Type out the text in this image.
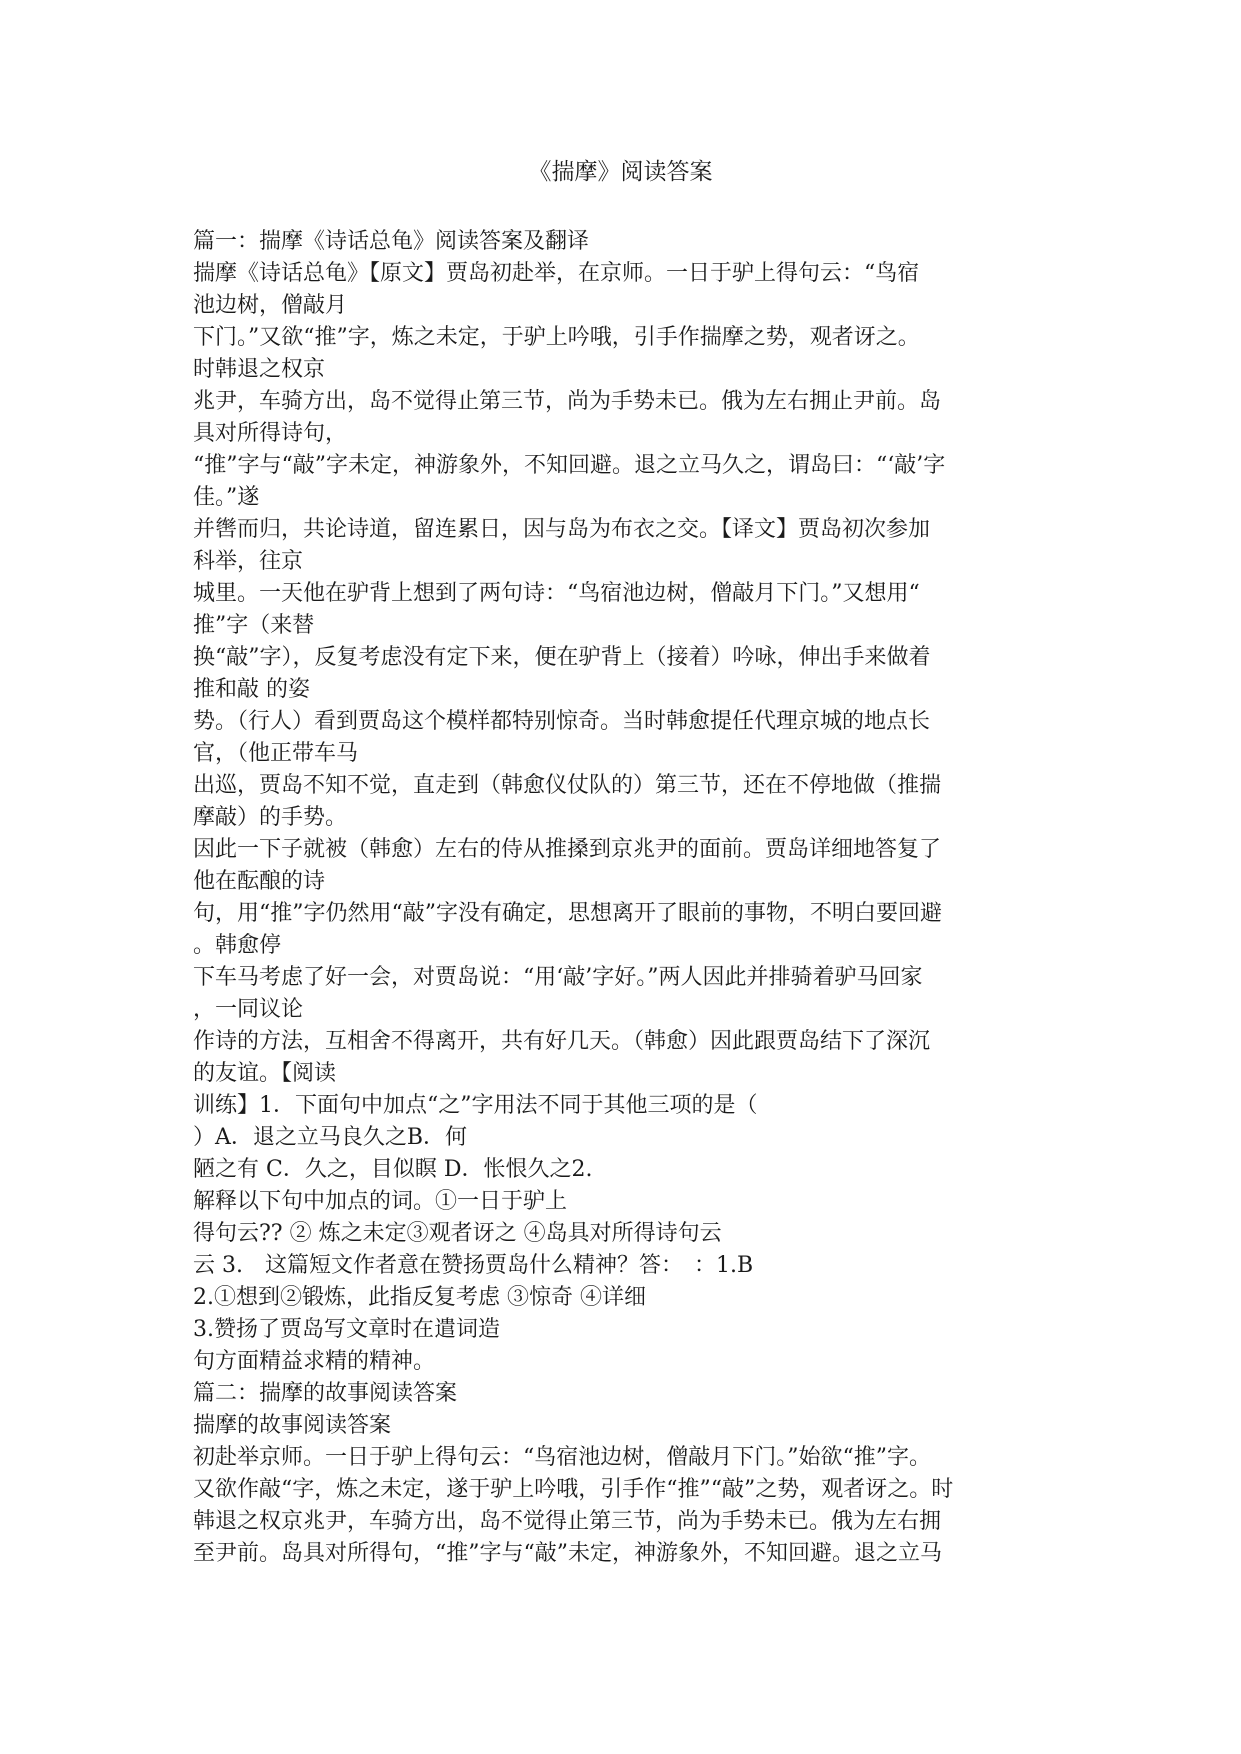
《揣摩》阅读答案
篇一：揣摩《诗话总龟》阅读答案及翻译
揣摩《诗话总龟》【原文】贾岛初赴举，在京师。一日于驴上得句云：“鸟宿
池边树，僧敲月
下门。”又欲“推”字，炼之未定，于驴上吟哦，引手作揣摩之势，观者讶之。
时韩退之权京
兆尹，车骑方出，岛不觉得止第三节，尚为手势未已。俄为左右拥止尹前。岛
具对所得诗句，
“推”字与“敲”字未定，神游象外，不知回避。退之立马久之，谓岛曰：“‘敲’字
佳。”遂
并辔而归，共论诗道，留连累日，因与岛为布衣之交。【译文】贾岛初次参加
科举，往京
城里。一天他在驴背上想到了两句诗：“鸟宿池边树，僧敲月下门。”又想用“
推”字（来替
换“敲”字），反复考虑没有定下来，便在驴背上（接着）吟咏，伸出手来做着
推和敲 的姿
势。（行人）看到贾岛这个模样都特别惊奇。当时韩愈提任代理京城的地点长
官，（他正带车马
出巡，贾岛不知不觉，直走到（韩愈仪仗队的）第三节，还在不停地做（推揣
摩敲）的手势。
因此一下子就被（韩愈）左右的侍从推搡到京兆尹的面前。贾岛详细地答复了
他在酝酿的诗
句，用“推”字仍然用“敲”字没有确定，思想离开了眼前的事物，不明白要回避
。韩愈停
下车马考虑了好一会，对贾岛说：“用‘敲’字好。”两人因此并排骑着驴马回家
，一同议论
作诗的方法，互相舍不得离开，共有好几天。（韩愈）因此跟贾岛结下了深沉
的友谊。【阅读
训练】1．下面句中加点“之”字用法不同于其他三项的是（
）A．退之立马良久之B．何
陋之有 C．久之，目似瞑 D．怅恨久之2.
解释以下句中加点的词。①一日于驴上
得句云?? ② 炼之未定③观者讶之 ④岛具对所得诗句云
云 3.　这篇短文作者意在赞扬贾岛什么精神？答：　：1.B
2.①想到②锻炼，此指反复考虑 ③惊奇 ④详细
3.赞扬了贾岛写文章时在遣词造
句方面精益求精的精神。
篇二：揣摩的故事阅读答案
揣摩的故事阅读答案
初赴举京师。一日于驴上得句云：“鸟宿池边树，僧敲月下门。”始欲“推”字。
又欲作敲“字，炼之未定，遂于驴上吟哦，引手作“推”“敲”之势，观者讶之。时
韩退之权京兆尹，车骑方出，岛不觉得止第三节，尚为手势未已。俄为左右拥
至尹前。岛具对所得句，“推”字与“敲”未定，神游象外，不知回避。退之立马
